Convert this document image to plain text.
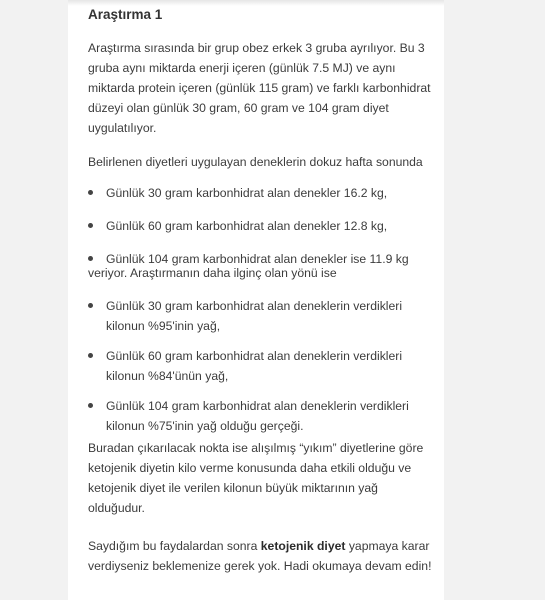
Araştırma 1

Araştırma sırasında bir grup obez erkek 3 gruba ayrılıyor. Bu 3 gruba aynı miktarda enerji içeren (günlük 7.5 MJ) ve aynı miktarda protein içeren (günlük 115 gram) ve farklı karbonhidrat düzeyi olan günlük 30 gram, 60 gram ve 104 gram diyet uygulatılıyor.

Belirlenen diyetleri uygulayan deneklerin dokuz hafta sonunda

Günlük 30 gram karbonhidrat alan denekler 16.2 kg,
Günlük 60 gram karbonhidrat alan denekler 12.8 kg,
Günlük 104 gram karbonhidrat alan denekler ise 11.9 kg

veriyor. Araştırmanın daha ilginç olan yönü ise

Günlük 30 gram karbonhidrat alan deneklerin verdikleri kilonun %95'inin yağ,
Günlük 60 gram karbonhidrat alan deneklerin verdikleri kilonun %84'ünün yağ,
Günlük 104 gram karbonhidrat alan deneklerin verdikleri kilonun %75'inin yağ olduğu gerçeği.

Buradan çıkarılacak nokta ise alışılmış “yıkım” diyetlerine göre ketojenik diyetin kilo verme konusunda daha etkili olduğu ve ketojenik diyet ile verilen kilonun büyük miktarının yağ olduğudur.

Saydığım bu faydalardan sonra ketojenik diyet yapmaya karar verdiyseniz beklemenize gerek yok. Hadi okumaya devam edin!
